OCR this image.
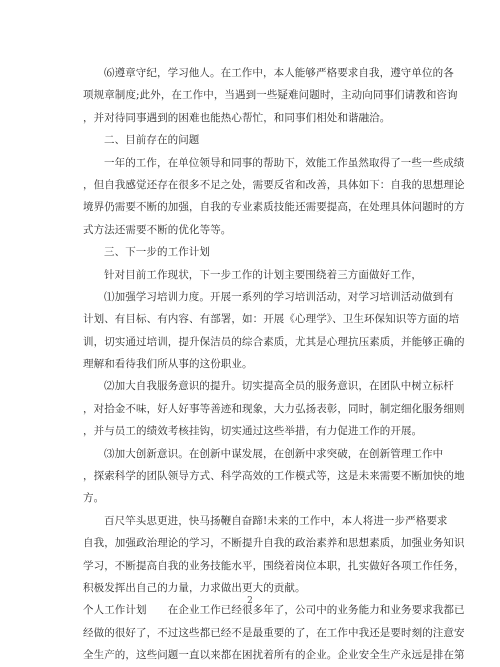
⑹遵章守纪，学习他人。在工作中，本人能够严格要求自我，遵守单位的各
项规章制度;此外，在工作中，当遇到一些疑难问题时，主动向同事们请教和咨询
，并对待同事遇到的困难也能热心帮忙，和同事们相处和谐融洽。
二、目前存在的问题
一年的工作，在单位领导和同事的帮助下，效能工作虽然取得了一些一些成绩
，但自我感觉还存在很多不足之处，需要反省和改善，具体如下：自我的思想理论
境界仍需要不断的加强，自我的专业素质技能还需要提高，在处理具体问题时的方
式方法还需要不断的优化等等。
三、下一步的工作计划
针对目前工作现状，下一步工作的计划主要围绕着三方面做好工作，
⑴加强学习培训力度。开展一系列的学习培训活动，对学习培训活动做到有
计划、有目标、有内容、有部署，如：开展《心理学》、卫生环保知识等方面的培
训，切实通过培训，提升保洁员的综合素质，尤其是心理抗压素质，并能够正确的
理解和看待我们所从事的这份职业。
⑵加大自我服务意识的提升。切实提高全员的服务意识，在团队中树立标杆
，对拾金不味，好人好事等善迹和现象，大力弘扬表彰，同时，制定细化服务细则
，并与员工的绩效考核挂钩，切实通过这些举措，有力促进工作的开展。
⑶加大创新意识。在创新中谋发展，在创新中求突破，在创新管理工作中
，探索科学的团队领导方式、科学高效的工作模式等，这是未来需要不断加快的地
方。
百尺竿头思更进，快马扬鞭自奋蹄!未来的工作中，本人将进一步严格要求
自我，加强政治理论的学习，不断提升自我的政治素养和思想素质，加强业务知识
学习，不断提高自我的业务技能水平，围绕着岗位本职，扎实做好各项工作任务，
积极发挥出自己的力量，力求做出更大的贡献。
个人工作计划　　在企业工作已经很多年了，公司中的业务能力和业务要求我都已
经做的很好了，不过这些都已经不是最重要的了，在工作中我还是要时刻的注意安
全生产的，这些问题一直以来都在困扰着所有的企业。企业安全生产永远是排在第
2
